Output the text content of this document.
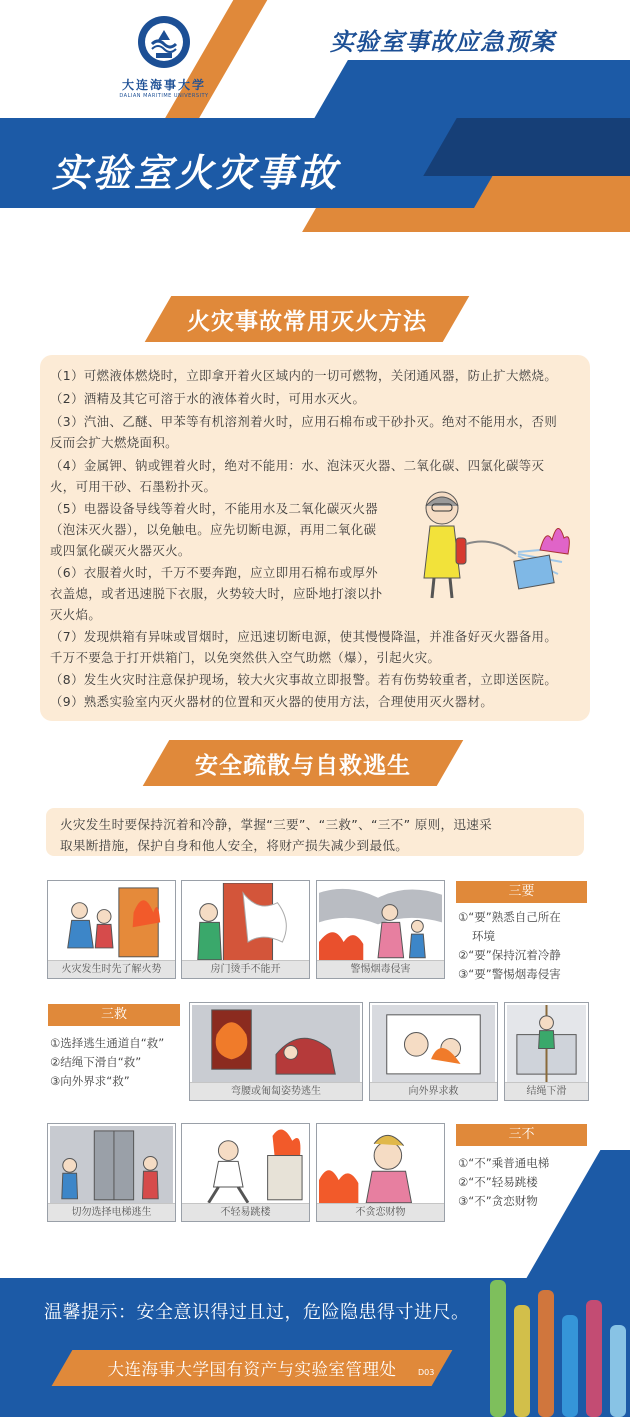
大连海事大学
DALIAN MARITIME UNIVERSITY
实验室事故应急预案
实验室火灾事故
火灾事故常用灭火方法
（1）可燃液体燃烧时，立即拿开着火区域内的一切可燃物，关闭通风器，防止扩大燃烧。
（2）酒精及其它可溶于水的液体着火时，可用水灭火。
（3）汽油、乙醚、甲苯等有机溶剂着火时，应用石棉布或干砂扑灭。绝对不能用水，否则
反而会扩大燃烧面积。
（4）金属钾、钠或锂着火时，绝对不能用：水、泡沫灭火器、二氧化碳、四氯化碳等灭
火，可用干砂、石墨粉扑灭。
（5）电器设备导线等着火时，不能用水及二氧化碳灭火器
（泡沫灭火器），以免触电。应先切断电源，再用二氧化碳
或四氯化碳灭火器灭火。
（6）衣服着火时，千万不要奔跑，应立即用石棉布或厚外
衣盖熄，或者迅速脱下衣服，火势较大时，应卧地打滚以扑
灭火焰。
（7）发现烘箱有异味或冒烟时，应迅速切断电源，使其慢慢降温，并准备好灭火器备用。
千万不要急于打开烘箱门，以免突然供入空气助燃（爆），引起火灾。
（8）发生火灾时注意保护现场，较大火灾事故立即报警。若有伤势较重者，立即送医院。
（9）熟悉实验室内灭火器材的位置和灭火器的使用方法，合理使用灭火器材。
安全疏散与自救逃生
火灾发生时要保持沉着和冷静，掌握“三要”、“三救”、“三不” 原则，迅速采
取果断措施，保护自身和他人安全，将财产损失减少到最低。
火灾发生时先了解火势	房门烫手不能开	警惕烟毒侵害
三要
①“要”熟悉自己所在
环境
②“要”保持沉着冷静
③“要”警惕烟毒侵害
三救
①选择逃生通道自“救”
②结绳下滑自“救”
③向外界求“救”
弯腰或匍匐姿势逃生	向外界求救	结绳下滑
切勿选择电梯逃生	不轻易跳楼	不贪恋财物
三不
①“不”乘普通电梯
②“不”轻易跳楼
③“不”贪恋财物
温馨提示：安全意识得过且过，危险隐患得寸进尺。
大连海事大学国有资产与实验室管理处	D03
